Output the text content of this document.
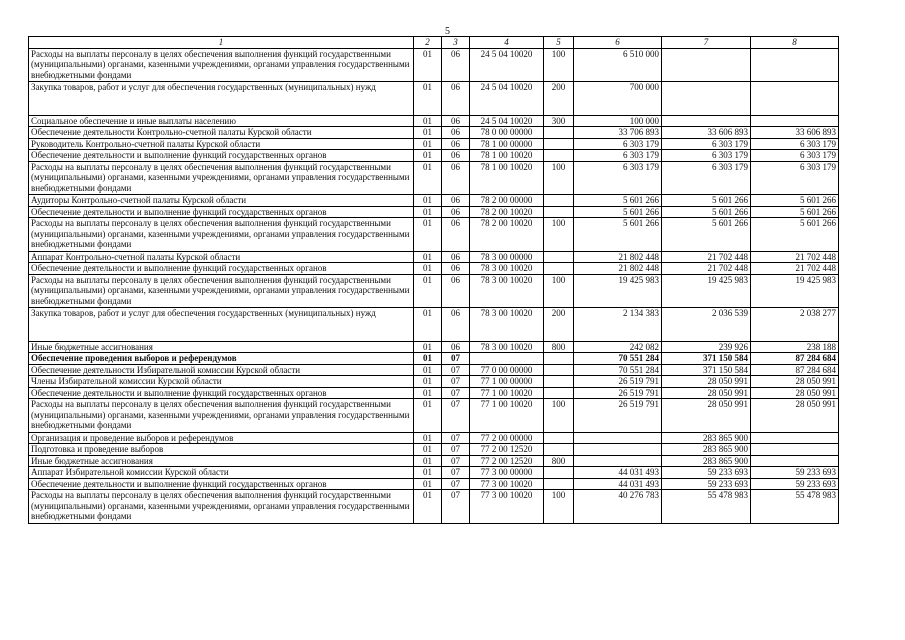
5
1	2	3	4	5	6	7	8
Расходы на выплаты персоналу в целях обеспечения выполнения функций государственными (муниципальными) органами, казенными учреждениями, органами управления государственными внебюджетными фондами	01	06	24 5 04 10020	100	6 510 000		
Закупка товаров, работ и услуг для обеспечения государственных (муниципальных) нужд	01	06	24 5 04 10020	200	700 000		
Социальное обеспечение и иные выплаты населению	01	06	24 5 04 10020	300	100 000		
Обеспечение деятельности Контрольно-счетной палаты Курской области	01	06	78 0 00 00000		33 706 893	33 606 893	33 606 893
Руководитель Контрольно-счетной палаты Курской области	01	06	78 1 00 00000		6 303 179	6 303 179	6 303 179
Обеспечение деятельности и выполнение функций государственных органов	01	06	78 1 00 10020		6 303 179	6 303 179	6 303 179
Расходы на выплаты персоналу в целях обеспечения выполнения функций государственными (муниципальными) органами, казенными учреждениями, органами управления государственными внебюджетными фондами	01	06	78 1 00 10020	100	6 303 179	6 303 179	6 303 179
Аудиторы Контрольно-счетной палаты Курской области	01	06	78 2 00 00000		5 601 266	5 601 266	5 601 266
Обеспечение деятельности и выполнение функций государственных органов	01	06	78 2 00 10020		5 601 266	5 601 266	5 601 266
Расходы на выплаты персоналу в целях обеспечения выполнения функций государственными (муниципальными) органами, казенными учреждениями, органами управления государственными внебюджетными фондами	01	06	78 2 00 10020	100	5 601 266	5 601 266	5 601 266
Аппарат Контрольно-счетной палаты Курской области	01	06	78 3 00 00000		21 802 448	21 702 448	21 702 448
Обеспечение деятельности и выполнение функций государственных органов	01	06	78 3 00 10020		21 802 448	21 702 448	21 702 448
Расходы на выплаты персоналу в целях обеспечения выполнения функций государственными (муниципальными) органами, казенными учреждениями, органами управления государственными внебюджетными фондами	01	06	78 3 00 10020	100	19 425 983	19 425 983	19 425 983
Закупка товаров, работ и услуг для обеспечения государственных (муниципальных) нужд	01	06	78 3 00 10020	200	2 134 383	2 036 539	2 038 277
Иные бюджетные ассигнования	01	06	78 3 00 10020	800	242 082	239 926	238 188
Обеспечение проведения выборов и референдумов	01	07			70 551 284	371 150 584	87 284 684
Обеспечение деятельности Избирательной комиссии Курской области	01	07	77 0 00 00000		70 551 284	371 150 584	87 284 684
Члены Избирательной комиссии Курской области	01	07	77 1 00 00000		26 519 791	28 050 991	28 050 991
Обеспечение деятельности и выполнение функций государственных органов	01	07	77 1 00 10020		26 519 791	28 050 991	28 050 991
Расходы на выплаты персоналу в целях обеспечения выполнения функций государственными (муниципальными) органами, казенными учреждениями, органами управления государственными внебюджетными фондами	01	07	77 1 00 10020	100	26 519 791	28 050 991	28 050 991
Организация и проведение выборов и референдумов	01	07	77 2 00 00000			283 865 900	
Подготовка и проведение выборов	01	07	77 2 00 12520			283 865 900	
Иные бюджетные ассигнования	01	07	77 2 00 12520	800		283 865 900	
Аппарат Избирательной комиссии Курской области	01	07	77 3 00 00000		44 031 493	59 233 693	59 233 693
Обеспечение деятельности и выполнение функций государственных органов	01	07	77 3 00 10020		44 031 493	59 233 693	59 233 693
Расходы на выплаты персоналу в целях обеспечения выполнения функций государственными (муниципальными) органами, казенными учреждениями, органами управления государственными внебюджетными фондами	01	07	77 3 00 10020	100	40 276 783	55 478 983	55 478 983
